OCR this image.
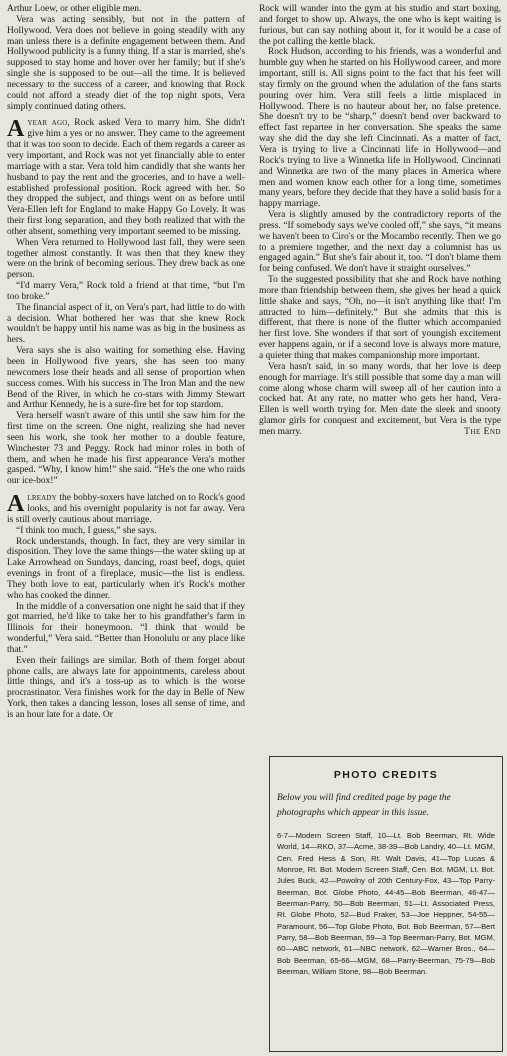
Arthur Loew, or other eligible men.

Vera was acting sensibly, but not in the pattern of Hollywood. Vera does not believe in going steadily with any man unless there is a definite engagement between them. And Hollywood publicity is a funny thing. If a star is married, she's supposed to stay home and hover over her family; but if she's single she is supposed to be out—all the time. It is believed necessary to the success of a career, and knowing that Rock could not afford a steady diet of the top night spots, Vera simply continued dating others.

A year ago, Rock asked Vera to marry him. She didn't give him a yes or no answer. They came to the agreement that it was too soon to decide. Each of them regards a career as very important, and Rock was not yet financially able to enter marriage with a star. Vera told him candidly that she wants her husband to pay the rent and the groceries, and to have a well-established professional position. Rock agreed with her. So they dropped the subject, and things went on as before until Vera-Ellen left for England to make Happy Go Lovely. It was their first long separation, and they both realized that with the other absent, something very important seemed to be missing.

When Vera returned to Hollywood last fall, they were seen together almost constantly. It was then that they knew they were on the brink of becoming serious. They drew back as one person.

“I'd marry Vera,” Rock told a friend at that time, “but I'm too broke.”

The financial aspect of it, on Vera's part, had little to do with a decision. What bothered her was that she knew Rock wouldn't be happy until his name was as big in the business as hers.

Vera says she is also waiting for something else. Having been in Hollywood five years, she has seen too many newcomers lose their heads and all sense of proportion when success comes. With his success in The Iron Man and the new Bend of the River, in which he co-stars with Jimmy Stewart and Arthur Kennedy, he is a sure-fire bet for top stardom.

Vera herself wasn't aware of this until she saw him for the first time on the screen. One night, realizing she had never seen his work, she took her mother to a double feature, Winchester 73 and Peggy. Rock had minor roles in both of them, and when he made his first appearance Vera's mother gasped. “Why, I know him!” she said. “He's the one who raids our ice-box!”

Already the bobby-soxers have latched on to Rock's good looks, and his overnight popularity is not far away. Vera is still overly cautious about marriage.

“I think too much, I guess,” she says.

Rock understands, though. In fact, they are very similar in disposition. They love the same things—the water skiing up at Lake Arrowhead on Sundays, dancing, roast beef, dogs, quiet evenings in front of a fireplace, music—the list is endless. They both love to eat, particularly when it's Rock's mother who has cooked the dinner.

In the middle of a conversation one night he said that if they got married, he'd like to take her to his grandfather's farm in Illinois for their honeymoon. “I think that would be wonderful,” Vera said. “Better than Honolulu or any place like that.”

Even their failings are similar. Both of them forget about phone calls, are always late for appointments, careless about little things, and it's a toss-up as to which is the worse procrastinator. Vera finishes work for the day in Belle of New York, then takes a dancing lesson, loses all sense of time, and is an hour late for a date. Or

Rock will wander into the gym at his studio and start boxing, and forget to show up. Always, the one who is kept waiting is furious, but can say nothing about it, for it would be a case of the pot calling the kettle black.

Rock Hudson, according to his friends, was a wonderful and humble guy when he started on his Hollywood career, and more important, still is. All signs point to the fact that his feet will stay firmly on the ground when the adulation of the fans starts pouring over him. Vera still feels a little misplaced in Hollywood. There is no hauteur about her, no false pretence. She doesn't try to be “sharp,” doesn't bend over backward to effect fast repartee in her conversation. She speaks the same way she did the day she left Cincinnati. As a matter of fact, Vera is trying to live a Cincinnati life in Hollywood—and Rock's trying to live a Winnetka life in Hollywood. Cincinnati and Winnetka are two of the many places in America where men and women know each other for a long time, sometimes many years, before they decide that they have a solid basis for a happy marriage.

Vera is slightly amused by the contradictory reports of the press. “If somebody says we've cooled off,” she says, “it means we haven't been to Ciro's or the Mocambo recently. Then we go to a premiere together, and the next day a columnist has us engaged again.” But she's fair about it, too. “I don't blame them for being confused. We don't have it straight ourselves.”

To the suggested possibility that she and Rock have nothing more than friendship between them, she gives her head a quick little shake and says, “Oh, no—it isn't anything like that! I'm attracted to him—definitely.” But she admits that this is different, that there is none of the flutter which accompanied her first love. She wonders if that sort of youngish excitement ever happens again, or if a second love is always more mature, a quieter thing that makes companionship more important.

Vera hasn't said, in so many words, that her love is deep enough for marriage. It's still possible that some day a man will come along whose charm will sweep all of her caution into a cocked hat. At any rate, no matter who gets her hand, Vera-Ellen is well worth trying for. Men date the sleek and snooty glamor girls for conquest and excitement, but Vera is the type men marry.	The End
PHOTO CREDITS

Below you will find credited page by page the photographs which appear in this issue.

6-7—Modern Screen Staff, 10—Lt. Bob Beerman, Rt. Wide World, 14—RKO, 37—Acme, 38-39—Bob Landry, 40—Lt. MGM, Cen. Fred Hess & Son, Rt. Walt Davis, 41—Top Lucas & Monroe, Rt. Bot. Modern Screen Staff, Cen. Bot. MGM, Lt. Bot. Jules Buck, 42—Powolny of 20th Century-Fox, 43—Top Parry-Beerman, Bot. Globe Photo, 44-45—Bob Beerman, 46-47—Beerman-Parry, 50—Bob Beerman, 51—Lt. Associated Press, Rt. Globe Photo, 52—Bud Fraker, 53—Joe Heppner, 54-55—Paramount, 56—Top Globe Photo, Bot. Bob Beerman, 57—Bert Parry, 58—Bob Beerman, 59—3 Top Beerman-Parry, Bot. MGM, 60—ABC network, 61—NBC network, 62—Warner Bros., 64—Bob Beerman, 65-66—MGM, 68—Parry-Beerman, 75-79—Bob Beerman, William Stone, 98—Bob Beerman.
